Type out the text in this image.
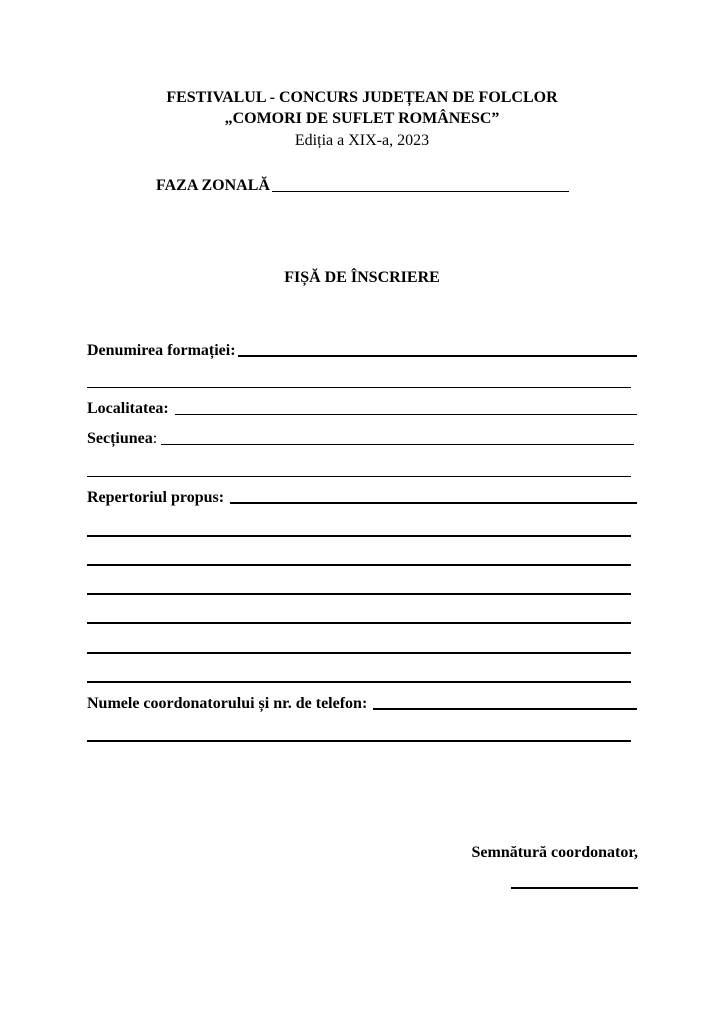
FESTIVALUL - CONCURS JUDEȚEAN DE FOLCLOR
„COMORI DE SUFLET ROMÂNESC”
Ediția a XIX-a, 2023
FAZA ZONALĂ
FIȘĂ DE ÎNSCRIERE
Denumirea formației:
Localitatea:
Secțiunea :
Repertoriul propus:
Numele coordonatorului și nr. de telefon:
Semnătură coordonator,
